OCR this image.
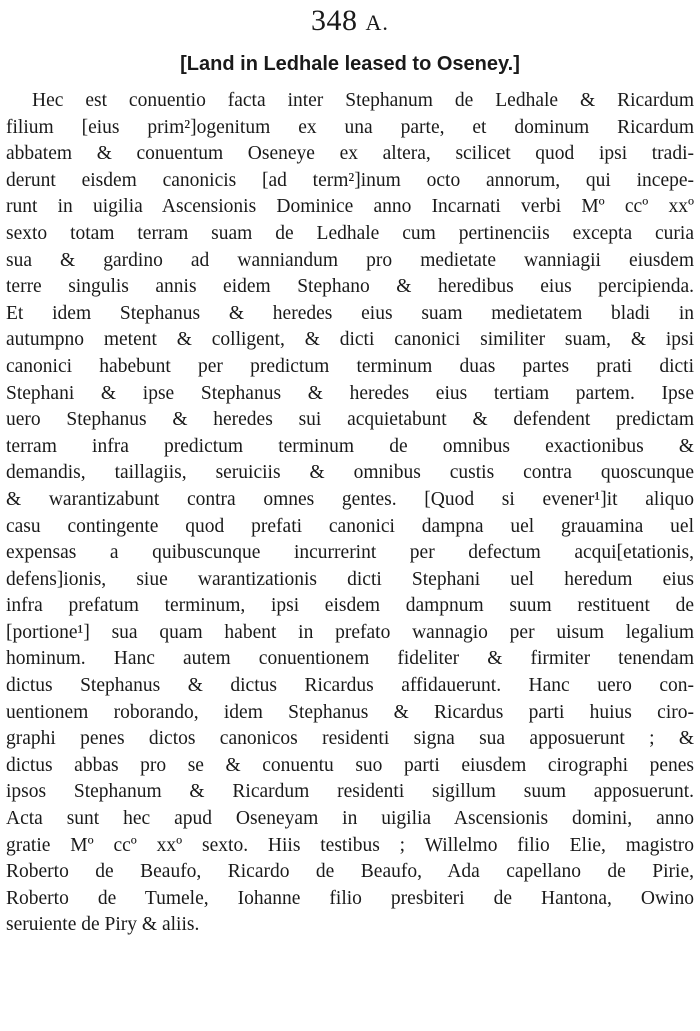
348 A.
[Land in Ledhale leased to Oseney.]
Hec est conuentio facta inter Stephanum de Ledhale & Ricardum
filium [eius prim²]ogenitum ex una parte, et dominum Ricardum
abbatem & conuentum Oseneye ex altera, scilicet quod ipsi tradi-
derunt eisdem canonicis [ad term²]inum octo annorum, qui incepe-
runt in uigilia Ascensionis Dominice anno Incarnati verbi Mº ccº xxº
sexto totam terram suam de Ledhale cum pertinenciis excepta curia
sua & gardino ad wanniandum pro medietate wanniagii eiusdem
terre singulis annis eidem Stephano & heredibus eius percipienda.
Et idem Stephanus & heredes eius suam medietatem bladi in
autumpno metent & colligent, & dicti canonici similiter suam, & ipsi
canonici habebunt per predictum terminum duas partes prati dicti
Stephani & ipse Stephanus & heredes eius tertiam partem. Ipse
uero Stephanus & heredes sui acquietabunt & defendent predictam
terram infra predictum terminum de omnibus exactionibus &
demandis, taillagiis, seruiciis & omnibus custis contra quoscunque
& warantizabunt contra omnes gentes. [Quod si evener¹]it aliquo
casu contingente quod prefati canonici dampna uel grauamina uel
expensas a quibuscunque incurrerint per defectum acqui[etationis,
defens]ionis, siue warantizationis dicti Stephani uel heredum eius
infra prefatum terminum, ipsi eisdem dampnum suum restituent de
[portione¹] sua quam habent in prefato wannagio per uisum legalium
hominum. Hanc autem conuentionem fideliter & firmiter tenendam
dictus Stephanus & dictus Ricardus affidauerunt. Hanc uero con-
uentionem roborando, idem Stephanus & Ricardus parti huius ciro-
graphi penes dictos canonicos residenti signa sua apposuerunt ; &
dictus abbas pro se & conuentu suo parti eiusdem cirographi penes
ipsos Stephanum & Ricardum residenti sigillum suum apposuerunt.
Acta sunt hec apud Oseneyam in uigilia Ascensionis domini, anno
gratie Mº ccº xxº sexto. Hiis testibus ; Willelmo filio Elie, magistro
Roberto de Beaufo, Ricardo de Beaufo, Ada capellano de Pirie,
Roberto de Tumele, Iohanne filio presbiteri de Hantona, Owino
seruiente de Piry & aliis.
